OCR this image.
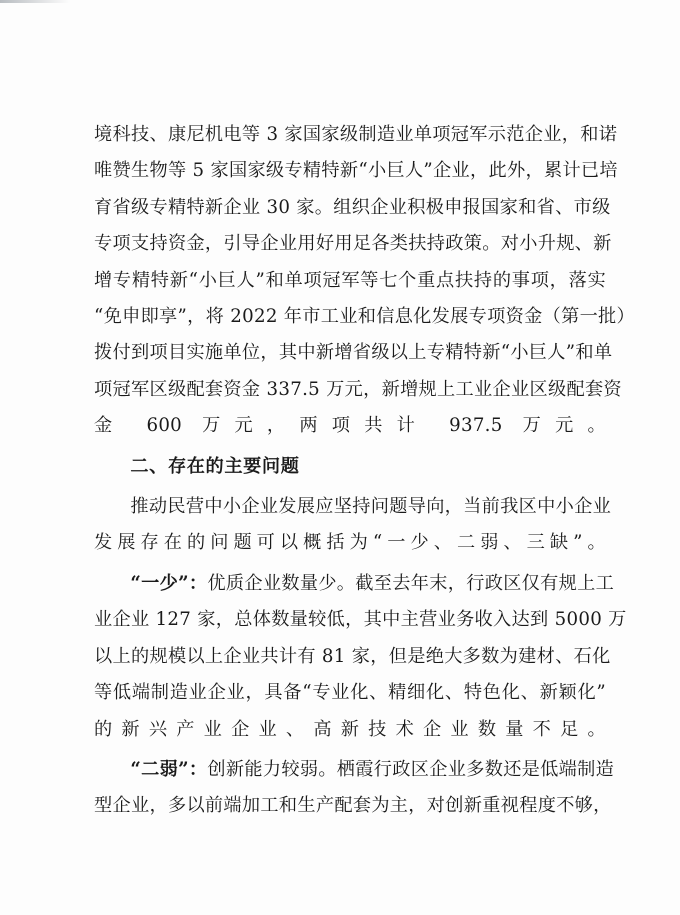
境科技、康尼机电等 3 家国家级制造业单项冠军示范企业，和诺
唯赞生物等 5 家国家级专精特新“小巨人”企业，此外，累计已培
育省级专精特新企业 30 家。组织企业积极申报国家和省、市级
专项支持资金，引导企业用好用足各类扶持政策。对小升规、新
增专精特新“小巨人”和单项冠军等七个重点扶持的事项，落实
“免申即享”，将 2022 年市工业和信息化发展专项资金（第一批）
拨付到项目实施单位，其中新增省级以上专精特新“小巨人”和单
项冠军区级配套资金 337.5 万元，新增规上工业企业区级配套资
金 600 万元，两项共计 937.5 万元。
二、存在的主要问题
推动民营中小企业发展应坚持问题导向，当前我区中小企业
发展存在的问题可以概括为“一少、二弱、三缺”。
“一少”：优质企业数量少。截至去年末，行政区仅有规上工
业企业 127 家，总体数量较低，其中主营业务收入达到 5000 万
以上的规模以上企业共计有 81 家，但是绝大多数为建材、石化
等低端制造业企业，具备“专业化、精细化、特色化、新颖化”
的新兴产业企业、高新技术企业数量不足。
“二弱”：创新能力较弱。栖霞行政区企业多数还是低端制造
型企业，多以前端加工和生产配套为主，对创新重视程度不够，
